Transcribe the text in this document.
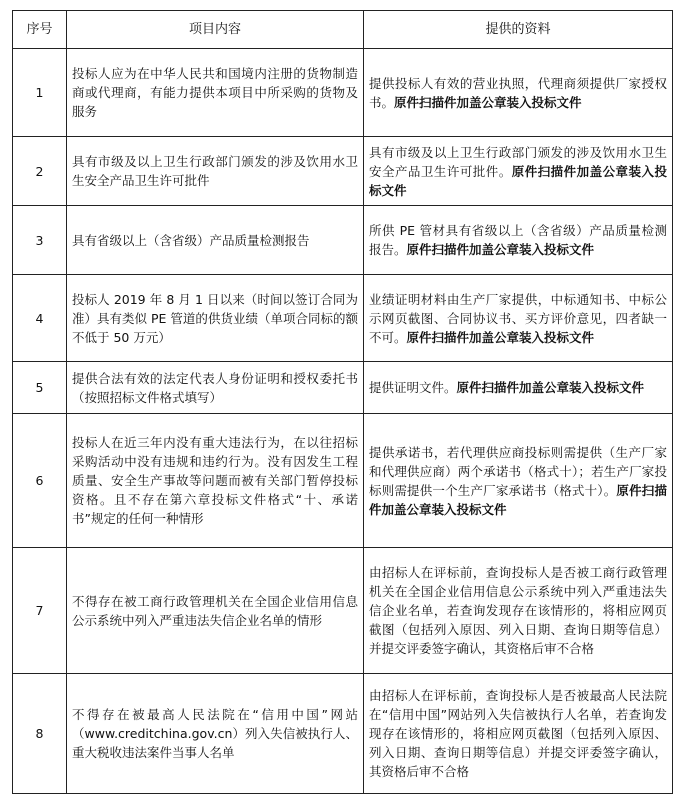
序号	项目内容	提供的资料
1	投标人应为在中华人民共和国境内注册的货物制造商或代理商，有能力提供本项目中所采购的货物及服务	提供投标人有效的营业执照，代理商须提供厂家授权书。原件扫描件加盖公章装入投标文件
2	具有市级及以上卫生行政部门颁发的涉及饮用水卫生安全产品卫生许可批件	具有市级及以上卫生行政部门颁发的涉及饮用水卫生安全产品卫生许可批件。原件扫描件加盖公章装入投标文件
3	具有省级以上（含省级）产品质量检测报告	所供 PE 管材具有省级以上（含省级）产品质量检测报告。原件扫描件加盖公章装入投标文件
4	投标人 2019 年 8 月 1 日以来（时间以签订合同为准）具有类似 PE 管道的供货业绩（单项合同标的额不低于 50 万元）	业绩证明材料由生产厂家提供，中标通知书、中标公示网页截图、合同协议书、买方评价意见，四者缺一不可。原件扫描件加盖公章装入投标文件
5	提供合法有效的法定代表人身份证明和授权委托书（按照招标文件格式填写）	提供证明文件。原件扫描件加盖公章装入投标文件
6	投标人在近三年内没有重大违法行为，在以往招标采购活动中没有违规和违约行为。没有因发生工程质量、安全生产事故等问题而被有关部门暂停投标资格。且不存在第六章投标文件格式“十、承诺书”规定的任何一种情形	提供承诺书，若代理供应商投标则需提供（生产厂家和代理供应商）两个承诺书（格式十）；若生产厂家投标则需提供一个生产厂家承诺书（格式十）。原件扫描件加盖公章装入投标文件
7	不得存在被工商行政管理机关在全国企业信用信息公示系统中列入严重违法失信企业名单的情形	由招标人在评标前，查询投标人是否被工商行政管理机关在全国企业信用信息公示系统中列入严重违法失信企业名单，若查询发现存在该情形的，将相应网页截图（包括列入原因、列入日期、查询日期等信息）并提交评委签字确认，其资格后审不合格
8	不得存在被最高人民法院在“信用中国”网站（www.creditchina.gov.cn）列入失信被执行人、重大税收违法案件当事人名单	由招标人在评标前，查询投标人是否被最高人民法院在“信用中国”网站列入失信被执行人名单，若查询发现存在该情形的，将相应网页截图（包括列入原因、列入日期、查询日期等信息）并提交评委签字确认，其资格后审不合格
